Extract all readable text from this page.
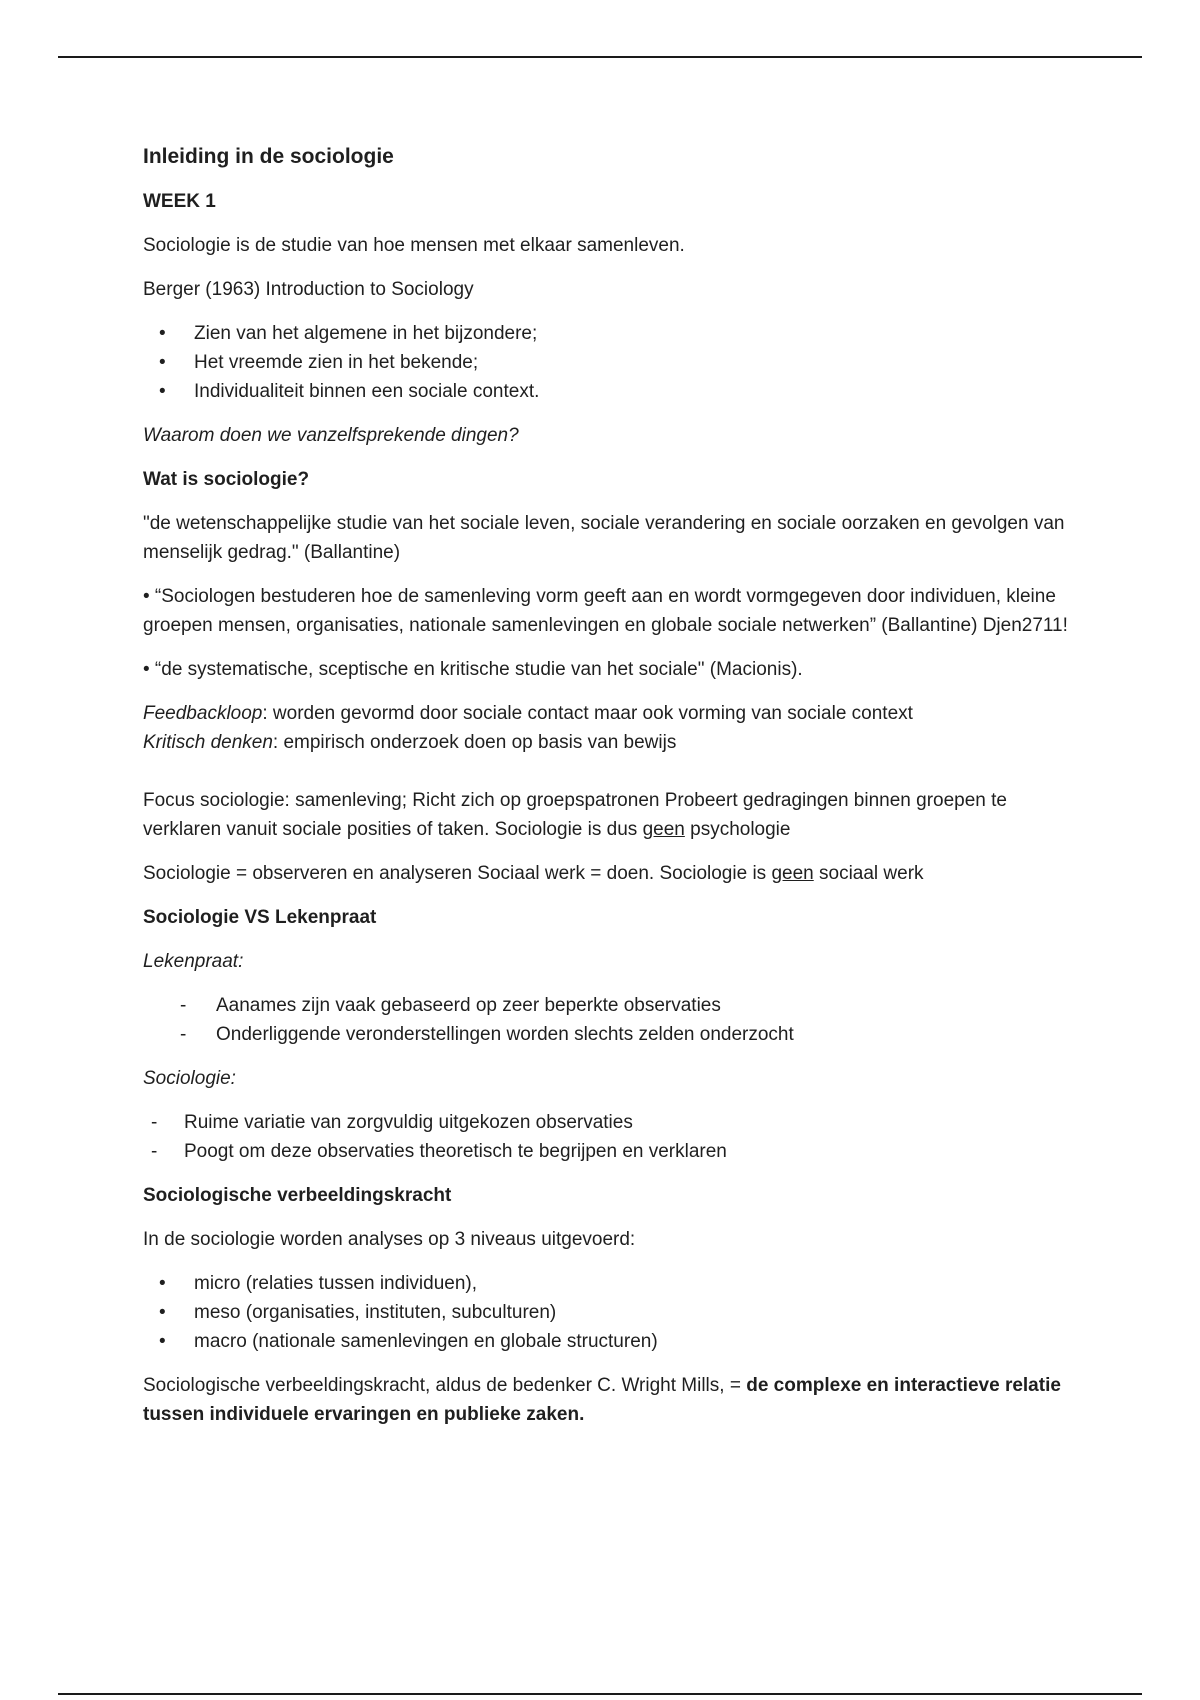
Inleiding in de sociologie

WEEK 1

Sociologie is de studie van hoe mensen met elkaar samenleven.

Berger (1963) Introduction to Sociology

• Zien van het algemene in het bijzondere;
• Het vreemde zien in het bekende;
• Individualiteit binnen een sociale context.

Waarom doen we vanzelfsprekende dingen?

Wat is sociologie?

"de wetenschappelijke studie van het sociale leven, sociale verandering en sociale oorzaken en gevolgen van menselijk gedrag." (Ballantine)

• “Sociologen bestuderen hoe de samenleving vorm geeft aan en wordt vormgegeven door individuen, kleine groepen mensen, organisaties, nationale samenlevingen en globale sociale netwerken” (Ballantine) Djen2711!

• “de systematische, sceptische en kritische studie van het sociale" (Macionis).

Feedbackloop: worden gevormd door sociale contact maar ook vorming van sociale context
Kritisch denken: empirisch onderzoek doen op basis van bewijs

Focus sociologie: samenleving; Richt zich op groepspatronen Probeert gedragingen binnen groepen te verklaren vanuit sociale posities of taken. Sociologie is dus geen psychologie

Sociologie = observeren en analyseren Sociaal werk = doen. Sociologie is geen sociaal werk

Sociologie VS Lekenpraat

Lekenpraat:

- Aanames zijn vaak gebaseerd op zeer beperkte observaties
- Onderliggende veronderstellingen worden slechts zelden onderzocht

Sociologie:

- Ruime variatie van zorgvuldig uitgekozen observaties
- Poogt om deze observaties theoretisch te begrijpen en verklaren

Sociologische verbeeldingskracht

In de sociologie worden analyses op 3 niveaus uitgevoerd:

• micro (relaties tussen individuen),
• meso (organisaties, instituten, subculturen)
• macro (nationale samenlevingen en globale structuren)

Sociologische verbeeldingskracht, aldus de bedenker C. Wright Mills, = de complexe en interactieve relatie tussen individuele ervaringen en publieke zaken.
